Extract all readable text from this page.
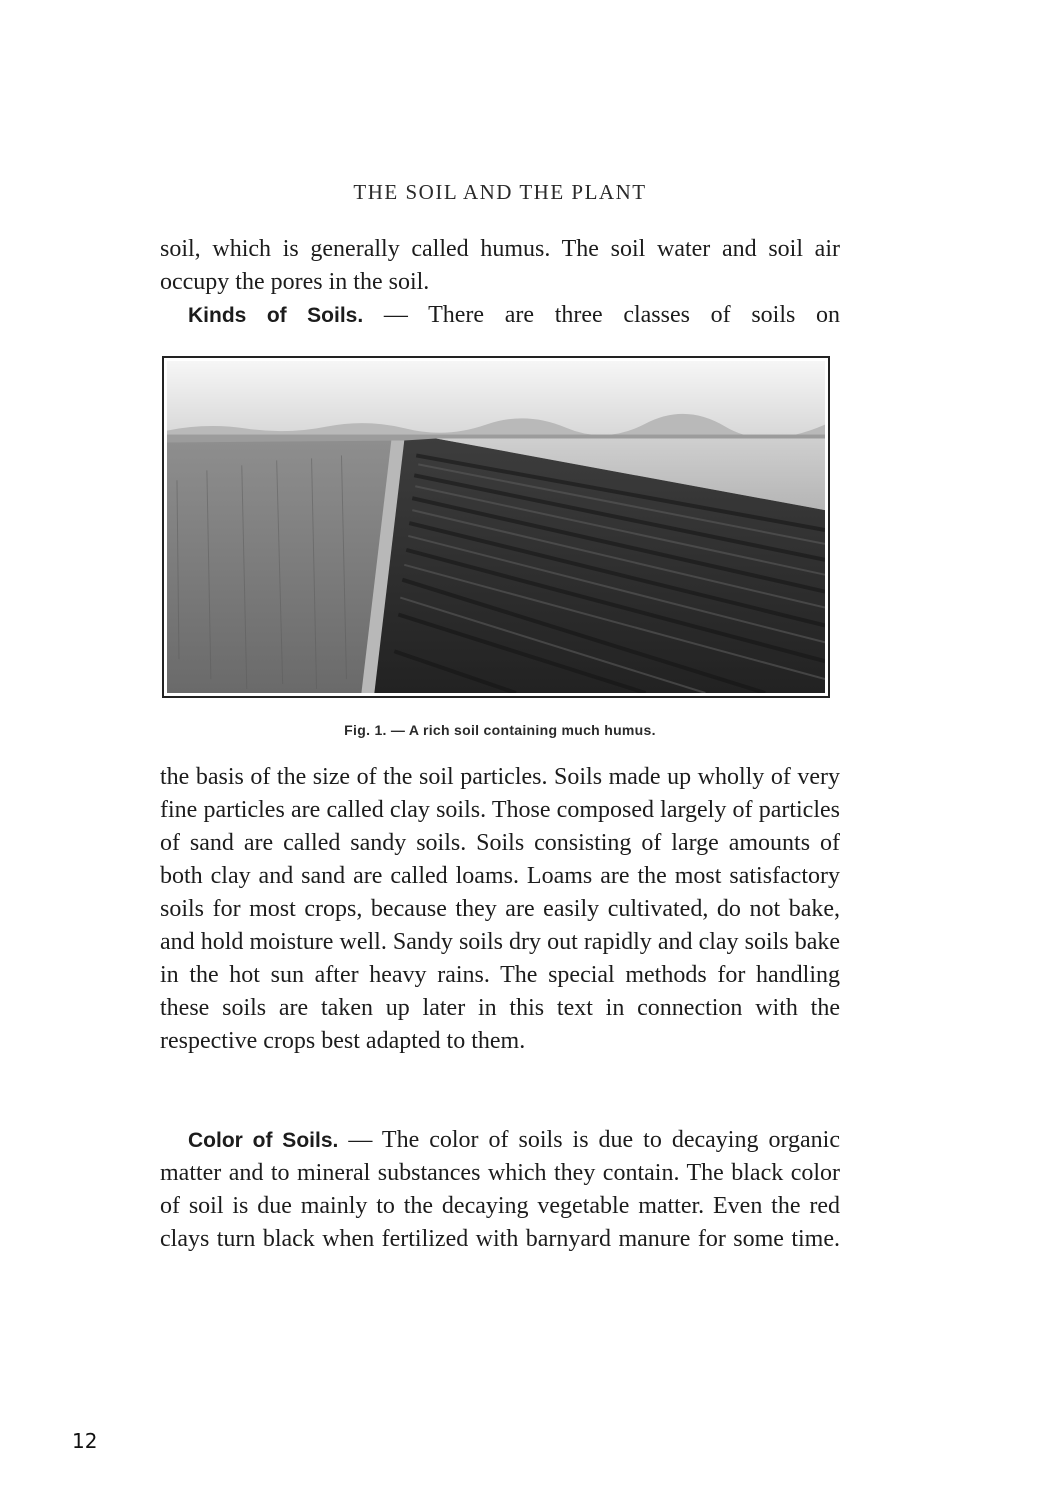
THE SOIL AND THE PLANT

soil, which is generally called humus. The soil water and soil air occupy the pores in the soil.

Kinds of Soils. — There are three classes of soils on

Fig. 1. — A rich soil containing much humus.

the basis of the size of the soil particles. Soils made up wholly of very fine particles are called clay soils. Those composed largely of particles of sand are called sandy soils. Soils consisting of large amounts of both clay and sand are called loams. Loams are the most satisfactory soils for most crops, because they are easily cultivated, do not bake, and hold moisture well. Sandy soils dry out rapidly and clay soils bake in the hot sun after heavy rains. The special methods for handling these soils are taken up later in this text in connection with the respective crops best adapted to them.

Color of Soils. — The color of soils is due to decaying organic matter and to mineral substances which they contain. The black color of soil is due mainly to the decaying vegetable matter. Even the red clays turn black when fertilized with barnyard manure for some time.

12
